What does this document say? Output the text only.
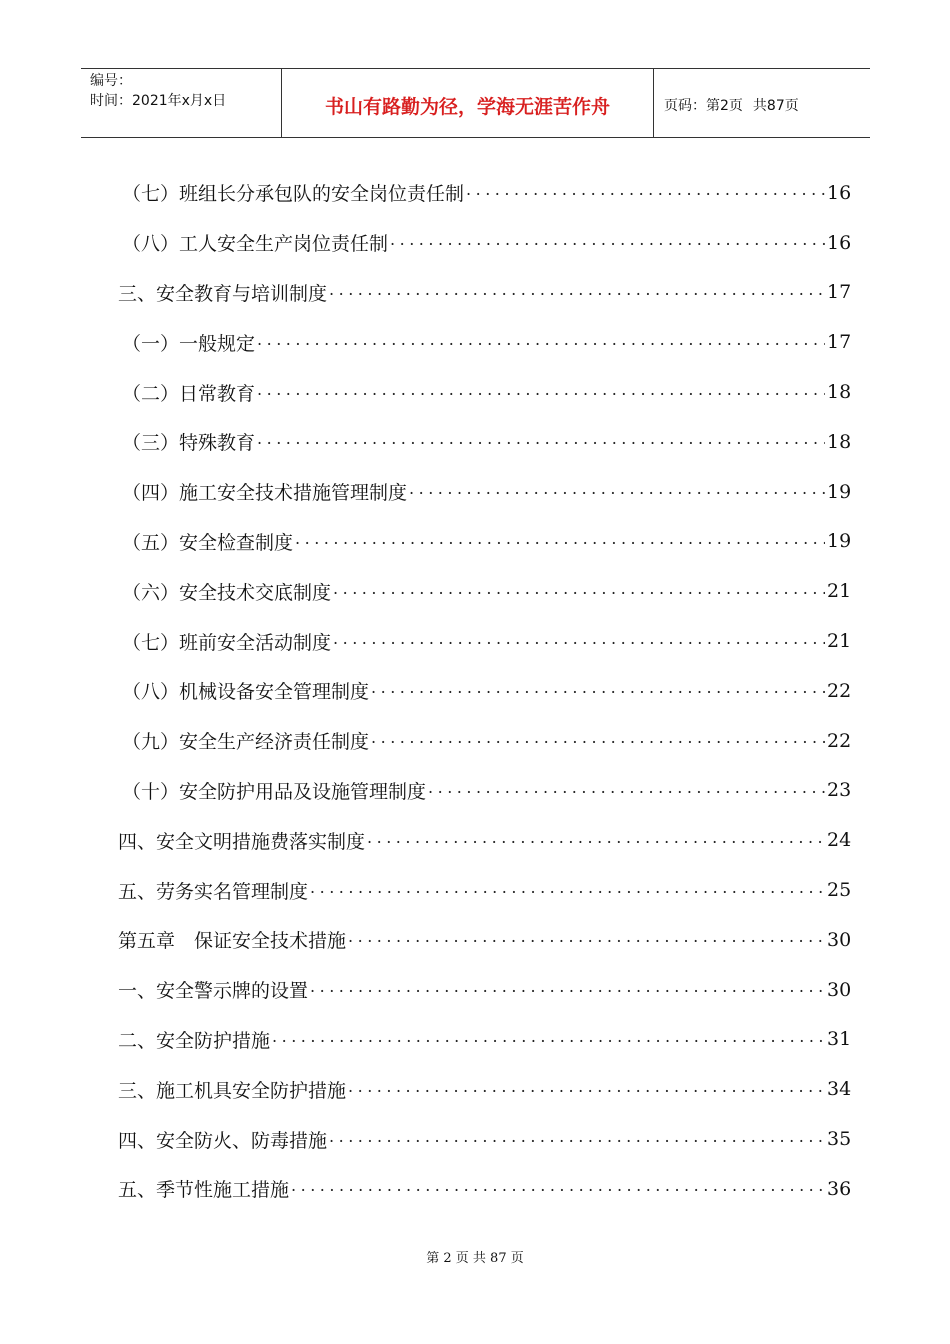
编号：
时间：2021年x月x日	书山有路勤为径，学海无涯苦作舟	页码：第2页 共87页
（七）班组长分承包队的安全岗位责任制 .....	16
（八）工人安全生产岗位责任制 .....	16
三、安全教育与培训制度 .....	17
（一）一般规定 .....	17
（二）日常教育 .....	18
（三）特殊教育 .....	18
（四）施工安全技术措施管理制度 .....	19
（五）安全检查制度 .....	19
（六）安全技术交底制度 .....	21
（七）班前安全活动制度 .....	21
（八）机械设备安全管理制度 .....	22
（九）安全生产经济责任制度 .....	22
（十）安全防护用品及设施管理制度 .....	23
四、安全文明措施费落实制度 .....	24
五、劳务实名管理制度 .....	25
第五章　保证安全技术措施 .....	30
一、安全警示牌的设置 .....	30
二、安全防护措施 .....	31
三、施工机具安全防护措施 .....	34
四、安全防火、防毒措施 .....	35
五、季节性施工措施 .....	36
第 2 页 共 87 页
